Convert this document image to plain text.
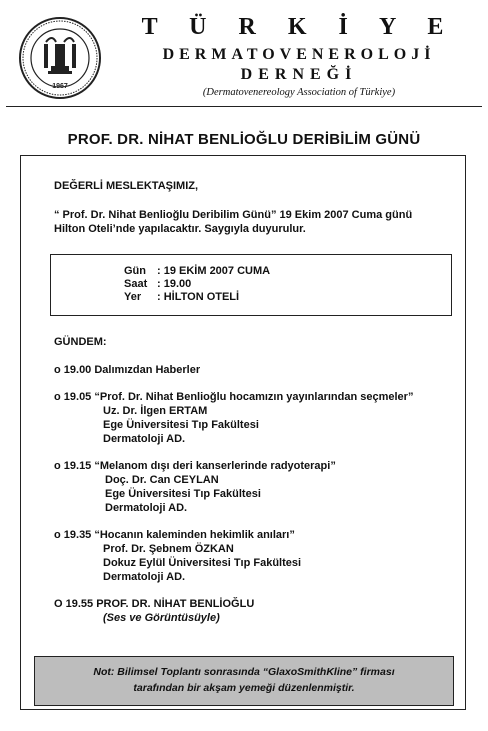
1967
T Ü R K İ Y E
DERMATOVENEROLOJİ
DERNEĞİ
(Dermatovenereology Association of Türkiye)
PROF. DR. NİHAT BENLİOĞLU DERİBİLİM GÜNÜ
DEĞERLİ MESLEKTAŞIMIZ,
“ Prof. Dr. Nihat Benlioğlu Deribilim Günü” 19 Ekim 2007 Cuma günü
Hilton Oteli’nde yapılacaktır. Saygıyla duyurulur.
Gün : 19 EKİM 2007 CUMA
Saat : 19.00
Yer : HİLTON OTELİ
GÜNDEM:
o 19.00 Dalımızdan Haberler
o 19.05 “Prof. Dr. Nihat Benlioğlu hocamızın yayınlarından seçmeler”
Uz. Dr. İlgen ERTAM
Ege Üniversitesi Tıp Fakültesi
Dermatoloji AD.
o 19.15 “Melanom dışı deri kanserlerinde radyoterapi”
Doç. Dr. Can CEYLAN
Ege Üniversitesi Tıp Fakültesi
Dermatoloji AD.
o 19.35 “Hocanın kaleminden hekimlik anıları”
Prof. Dr. Şebnem ÖZKAN
Dokuz Eylül Üniversitesi Tıp Fakültesi
Dermatoloji AD.
O 19.55 PROF. DR. NİHAT BENLİOĞLU
(Ses ve Görüntüsüyle)
Not: Bilimsel Toplantı sonrasında “GlaxoSmithKline” firması
tarafından bir akşam yemeği düzenlenmiştir.
